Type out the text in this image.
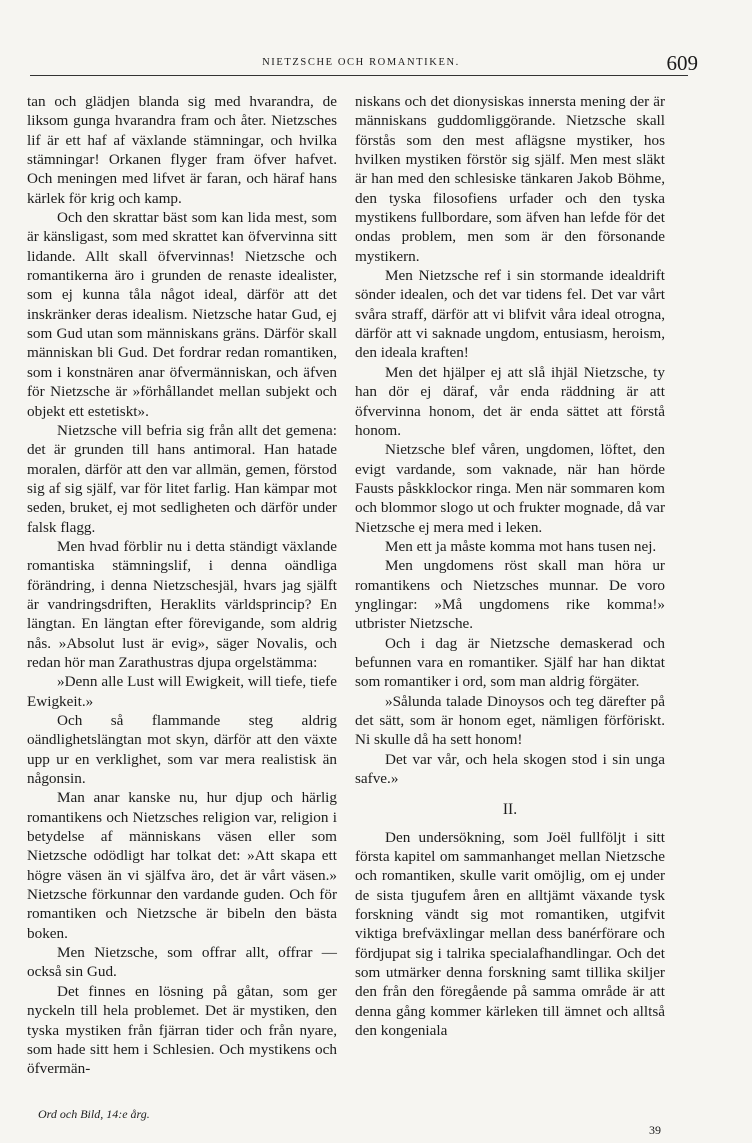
NIETZSCHE OCH ROMANTIKEN.	609

tan och glädjen blanda sig med hvarandra, de liksom gunga hvarandra fram och åter. Nietzsches lif är ett haf af växlande stämningar, och hvilka stämningar! Orkanen flyger fram öfver hafvet. Och meningen med lifvet är faran, och häraf hans kärlek för krig och kamp.

Och den skrattar bäst som kan lida mest, som är känsligast, som med skrattet kan öfvervinna sitt lidande. Allt skall öfvervinnas! Nietzsche och romantikerna äro i grunden de renaste idealister, som ej kunna tåla något ideal, därför att det inskränker deras idealism. Nietzsche hatar Gud, ej som Gud utan som människans gräns. Därför skall människan bli Gud. Det fordrar redan romantiken, som i konstnären anar öfvermänniskan, och äfven för Nietzsche är »förhållandet mellan subjekt och objekt ett estetiskt».

Nietzsche vill befria sig från allt det gemena: det är grunden till hans antimoral. Han hatade moralen, därför att den var allmän, gemen, förstod sig af sig själf, var för litet farlig. Han kämpar mot seden, bruket, ej mot sedligheten och därför under falsk flagg.

Men hvad förblir nu i detta ständigt växlande romantiska stämningslif, i denna oändliga förändring, i denna Nietzschesjäl, hvars jag själft är vandringsdriften, Heraklits världsprincip? En längtan. En längtan efter förevigande, som aldrig nås. »Absolut lust är evig», säger Novalis, och redan hör man Zarathustras djupa orgelstämma:

»Denn alle Lust will Ewigkeit, will tiefe, tiefe Ewigkeit.»

Och så flammande steg aldrig oändlighetslängtan mot skyn, därför att den växte upp ur en verklighet, som var mera realistisk än någonsin.

Man anar kanske nu, hur djup och härlig romantikens och Nietzsches religion var, religion i betydelse af människans väsen eller som Nietzsche odödligt har tolkat det: »Att skapa ett högre väsen än vi själfva äro, det är vårt väsen.» Nietzsche förkunnar den vardande guden. Och för romantiken och Nietzsche är bibeln den bästa boken.

Men Nietzsche, som offrar allt, offrar — också sin Gud.

Det finnes en lösning på gåtan, som ger nyckeln till hela problemet. Det är mystiken, den tyska mystiken från fjärran tider och från nyare, som hade sitt hem i Schlesien. Och mystikens och öfvermän-

niskans och det dionysiskas innersta mening der är människans guddomliggörande. Nietzsche skall förstås som den mest aflägsne mystiker, hos hvilken mystiken förstör sig själf. Men mest släkt är han med den schlesiske tänkaren Jakob Böhme, den tyska filosofiens urfader och den tyska mystikens fullbordare, som äfven han lefde för det ondas problem, men som är den försonande mystikern.

Men Nietzsche ref i sin stormande idealdrift sönder idealen, och det var tidens fel. Det var vårt svåra straff, därför att vi blifvit våra ideal otrogna, därför att vi saknade ungdom, entusiasm, heroism, den ideala kraften!

Men det hjälper ej att slå ihjäl Nietzsche, ty han dör ej däraf, vår enda räddning är att öfvervinna honom, det är enda sättet att förstå honom.

Nietzsche blef våren, ungdomen, löftet, den evigt vardande, som vaknade, när han hörde Fausts påskklockor ringa. Men när sommaren kom och blommor slogo ut och frukter mognade, då var Nietzsche ej mera med i leken.

Men ett ja måste komma mot hans tusen nej.

Men ungdomens röst skall man höra ur romantikens och Nietzsches munnar. De voro ynglingar: »Må ungdomens rike komma!» utbrister Nietzsche.

Och i dag är Nietzsche demaskerad och befunnen vara en romantiker. Själf har han diktat som romantiker i ord, som man aldrig förgäter.

»Sålunda talade Dinoysos och teg därefter på det sätt, som är honom eget, nämligen förföriskt. Ni skulle då ha sett honom!

Det var vår, och hela skogen stod i sin unga safve.»

II.

Den undersökning, som Joël fullföljt i sitt första kapitel om sammanhanget mellan Nietzsche och romantiken, skulle varit omöjlig, om ej under de sista tjugufem åren en alltjämt växande tysk forskning vändt sig mot romantiken, utgifvit viktiga brefväxlingar mellan dess banérförare och fördjupat sig i talrika specialafhandlingar. Och det som utmärker denna forskning samt tillika skiljer den från den föregående på samma område är att denna gång kommer kärleken till ämnet och alltså den kongeniala

Ord och Bild, 14:e årg.
39
